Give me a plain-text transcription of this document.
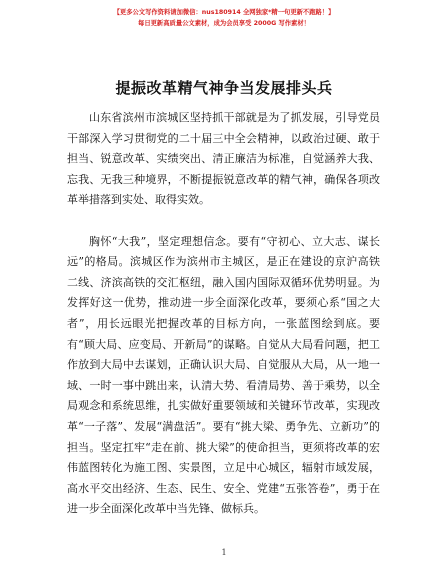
【更多公文写作资料请加微信：nus180914 全网独家*精一句更新不跑路！】
每日更新高质量公文素材，成为会员享受 2000G 写作素材！
提振改革精气神争当发展排头兵

山东省滨州市滨城区坚持抓干部就是为了抓发展，引导党员干部深入学习贯彻党的二十届三中全会精神，以政治过硬、敢于担当、锐意改革、实绩突出、清正廉洁为标准，自觉涵养大我、忘我、无我三种境界，不断提振锐意改革的精气神，确保各项改革举措落到实处、取得实效。

胸怀“大我”，坚定理想信念。要有“守初心、立大志、谋长远”的格局。滨城区作为滨州市主城区，是正在建设的京沪高铁二线、济滨高铁的交汇枢纽，融入国内国际双循环优势明显。为发挥好这一优势，推动进一步全面深化改革，要须心系“国之大者”，用长远眼光把握改革的目标方向，一张蓝图绘到底。要有“顾大局、应变局、开新局”的谋略。自觉从大局看问题，把工作放到大局中去谋划，正确认识大局、自觉服从大局，从一地一域、一时一事中跳出来，认清大势、看清局势、善于乘势，以全局观念和系统思维，扎实做好重要领域和关键环节改革，实现改革“一子落”、发展“满盘活”。要有“挑大梁、勇争先、立新功”的担当。坚定扛牢“走在前、挑大梁”的使命担当，更须将改革的宏伟蓝图转化为施工图、实景图，立足中心城区，辐射市域发展，高水平交出经济、生态、民生、安全、党建“五张答卷”，勇于在进一步全面深化改革中当先锋、做标兵。

1
